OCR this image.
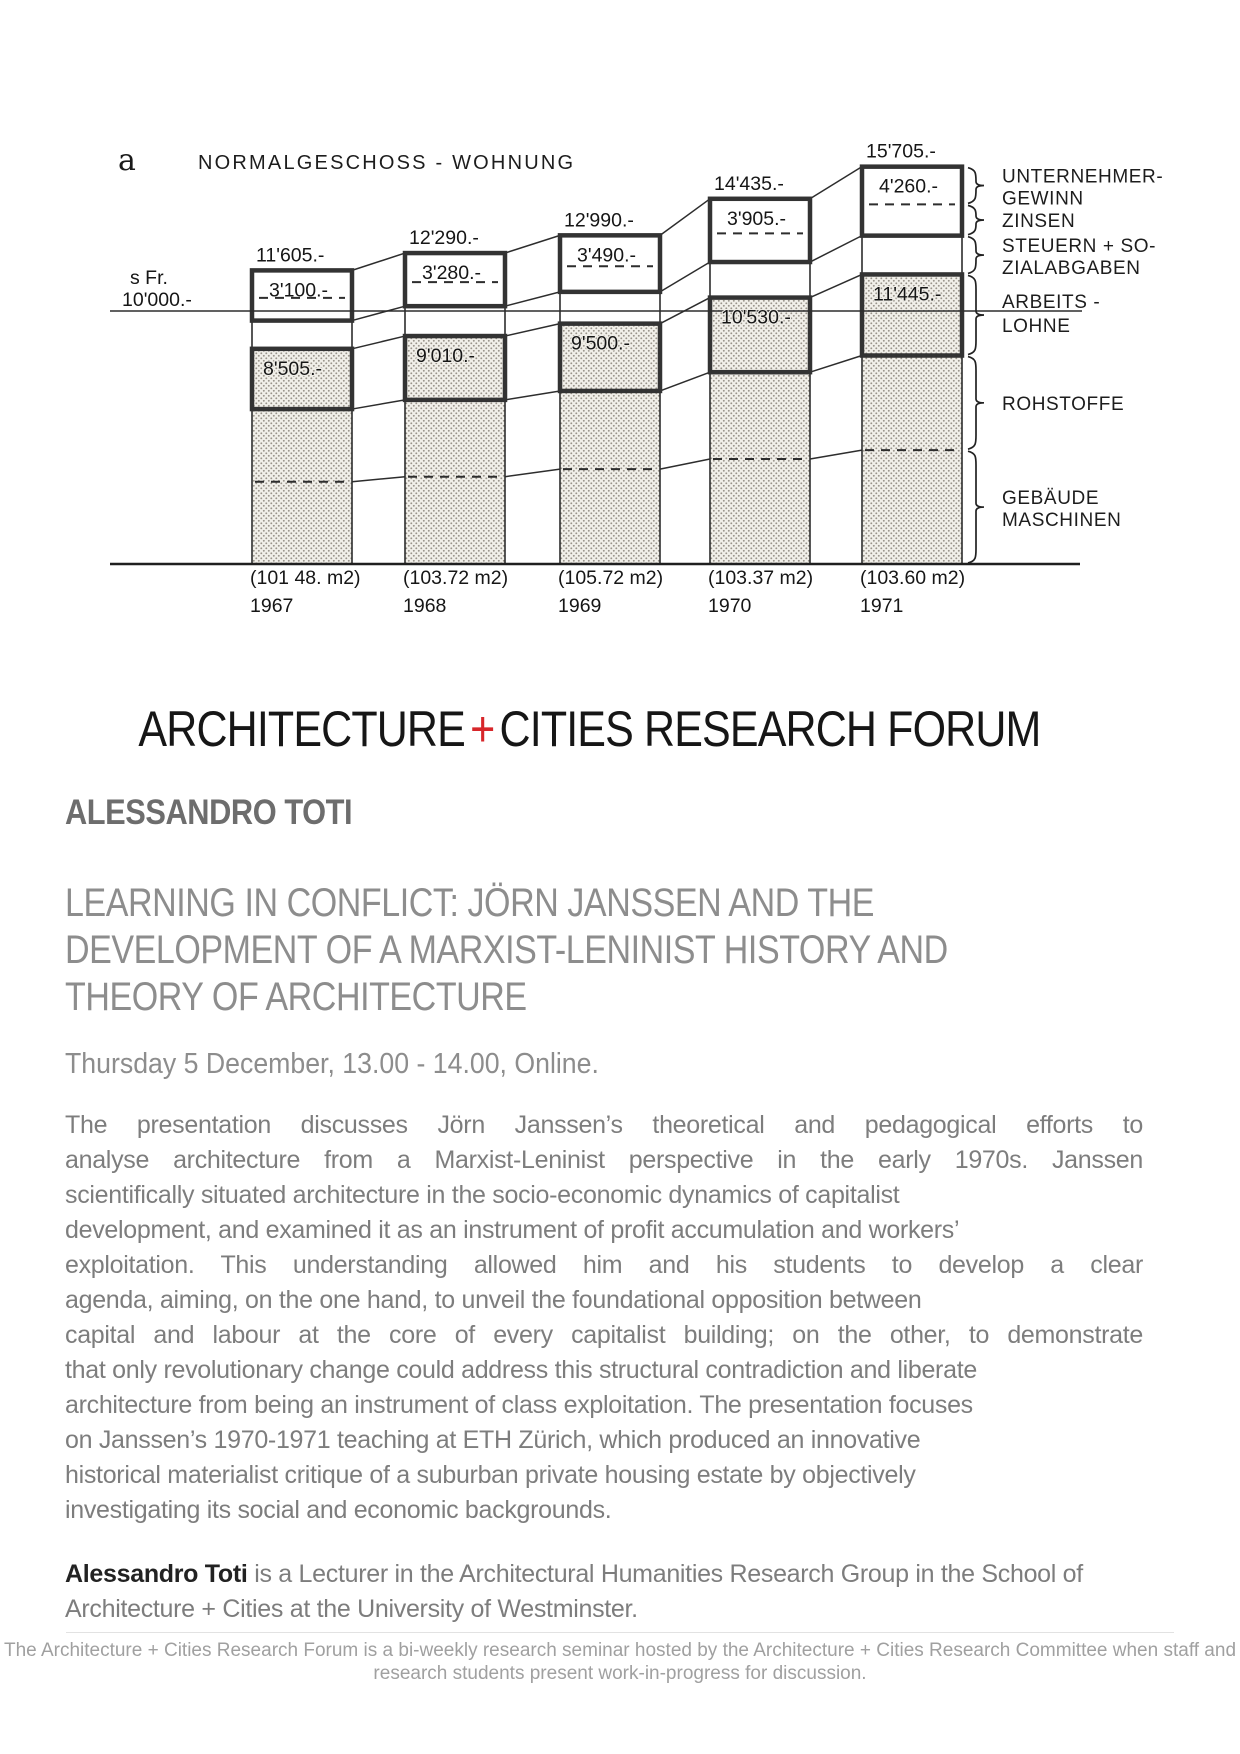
11'605.-
3'100.-
8'505.-
(101 48. m2)
1967
12'290.-
3'280.-
9'010.-
(103.72 m2)
1968
12'990.-
3'490.-
9'500.-
(105.72 m2)
1969
14'435.-
3'905.-
10'530.-
(103.37 m2)
1970
15'705.-
4'260.-
11'445.-
(103.60 m2)
1971
a	NORMALGESCHOSS - WOHNUNG
s Fr.
10'000.-
UNTERNEHMER-
GEWINN
ZINSEN
STEUERN + SO-
ZIALABGABEN
ARBEITS -
LOHNE
ROHSTOFFE
GEBÄUDE
MASCHINEN
ARCHITECTURE + CITIES RESEARCH FORUM
ALESSANDRO TOTI
LEARNING IN CONFLICT: JÖRN JANSSEN AND THE
DEVELOPMENT OF A MARXIST-LENINIST HISTORY AND
THEORY OF ARCHITECTURE
Thursday 5 December, 13.00 - 14.00, Online.
The presentation discusses Jörn Janssen’s theoretical and pedagogical efforts to
analyse architecture from a Marxist-Leninist perspective in the early 1970s. Janssen
scientifically situated architecture in the socio-economic dynamics of capitalist
development, and examined it as an instrument of profit accumulation and workers’
exploitation. This understanding allowed him and his students to develop a clear
agenda, aiming, on the one hand, to unveil the foundational opposition between
capital and labour at the core of every capitalist building; on the other, to demonstrate
that only revolutionary change could address this structural contradiction and liberate
architecture from being an instrument of class exploitation. The presentation focuses
on Janssen’s 1970-1971 teaching at ETH Zürich, which produced an innovative
historical materialist critique of a suburban private housing estate by objectively
investigating its social and economic backgrounds.
Alessandro Toti is a Lecturer in the Architectural Humanities Research Group in the School of
Architecture + Cities at the University of Westminster.
The Architecture + Cities Research Forum is a bi-weekly research seminar hosted by the Architecture + Cities Research Committee when staff and
research students present work-in-progress for discussion.
